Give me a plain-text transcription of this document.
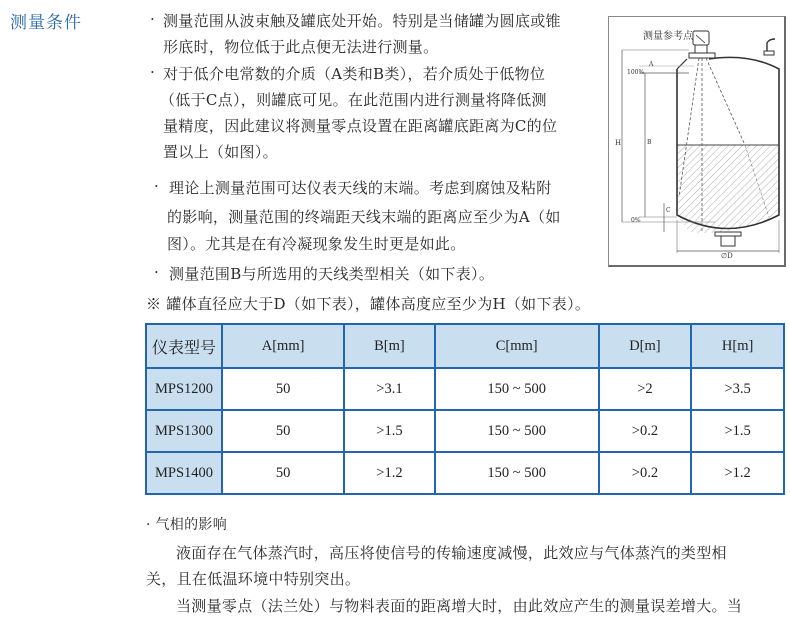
测量条件	· 测量范围从波束触及罐底处开始。特别是当储罐为圆底或锥
形底时，物位低于此点便无法进行测量。
· 对于低介电常数的介质（A类和B类），若介质处于低物位
（低于C点），则罐底可见。在此范围内进行测量将降低测
量精度，因此建议将测量零点设置在距离罐底距离为C的位
置以上（如图）。
· 理论上测量范围可达仪表天线的末端。考虑到腐蚀及粘附
的影响，测量范围的终端距天线末端的距离应至少为A（如
图）。尤其是在有冷凝现象发生时更是如此。
· 测量范围B与所选用的天线类型相关（如下表）。
※ 罐体直径应大于D（如下表），罐体高度应至少为H（如下表）。
测量参考点
A
100%
B
H
C
0%
∅D
仪表型号	A[mm]	B[m]	C[mm]	D[m]	H[m]
MPS1200	50	>3.1	150 ~ 500	>2	>3.5
MPS1300	50	>1.5	150 ~ 500	>0.2	>1.5
MPS1400	50	>1.2	150 ~ 500	>0.2	>1.2
· 气相的影响
液面存在气体蒸汽时，高压将使信号的传输速度减慢，此效应与气体蒸汽的类型相
关，且在低温环境中特别突出。
当测量零点（法兰处）与物料表面的距离增大时，由此效应产生的测量误差增大。当
